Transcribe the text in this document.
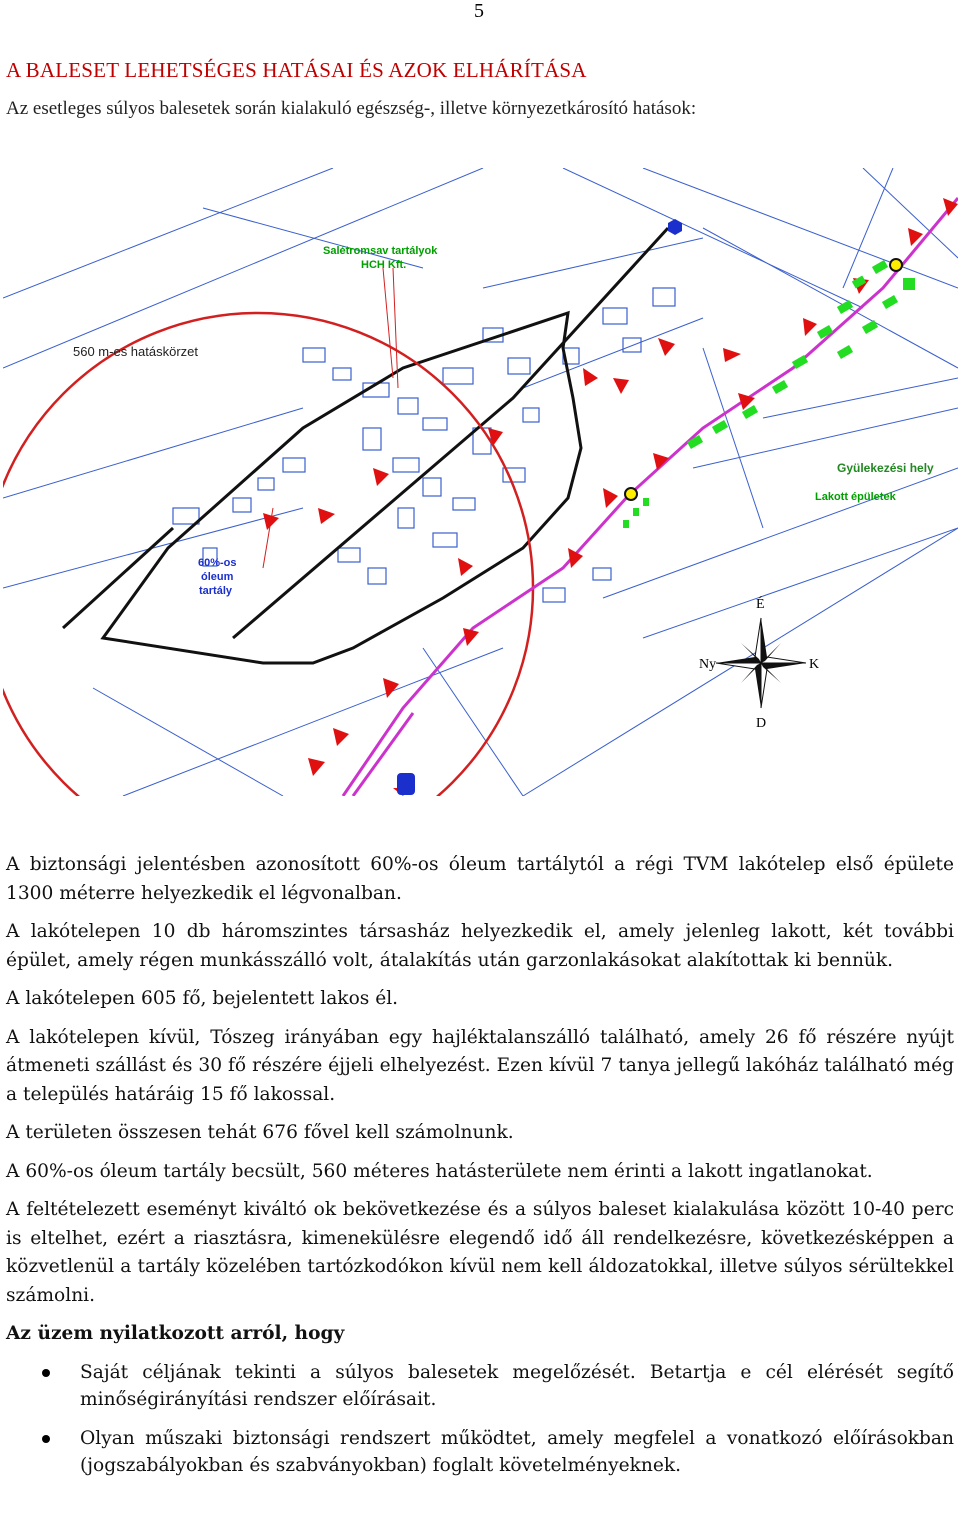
5
A BALESET LEHETSÉGES HATÁSAI ÉS AZOK ELHÁRÍTÁSA
Az esetleges súlyos balesetek során kialakuló egészség-, illetve környezetkárosító hatások:
Salétromsav tartályok
HCH Kft.
Lakott épületek
Gyülekezési hely
60%-os
óleum
tartály
560 m-es hatáskörzet
É
D
K
Ny

A biztonsági jelentésben azonosított 60%-os óleum tartálytól a régi TVM lakótelep első épülete 1300 méterre helyezkedik el légvonalban.

A lakótelepen 10 db háromszintes társasház helyezkedik el, amely jelenleg lakott, két további épület, amely régen munkásszálló volt, átalakítás után garzonlakásokat alakítottak ki bennük.

A lakótelepen 605 fő, bejelentett lakos él.

A lakótelepen kívül, Tószeg irányában egy hajléktalanszálló található, amely 26 fő részére nyújt átmeneti szállást és 30 fő részére éjjeli elhelyezést. Ezen kívül 7 tanya jellegű lakóház található még a település határáig 15 fő lakossal.

A területen összesen tehát 676 fővel kell számolnunk.

A 60%-os óleum tartály becsült, 560 méteres hatásterülete nem érinti a lakott ingatlanokat.

A feltételezett eseményt kiváltó ok bekövetkezése és a súlyos baleset kialakulása között 10-40 perc is eltelhet, ezért a riasztásra, kimenekülésre elegendő idő áll rendelkezésre, következésképpen a közvetlenül a tartály közelében tartózkodókon kívül nem kell áldozatokkal, illetve súlyos sérültekkel számolni.

Az üzem nyilatkozott arról, hogy

Saját céljának tekinti a súlyos balesetek megelőzését. Betartja e cél elérését segítő minőségirányítási rendszer előírásait.
Olyan műszaki biztonsági rendszert működtet, amely megfelel a vonatkozó előírásokban (jogszabályokban és szabványokban) foglalt követelményeknek.
